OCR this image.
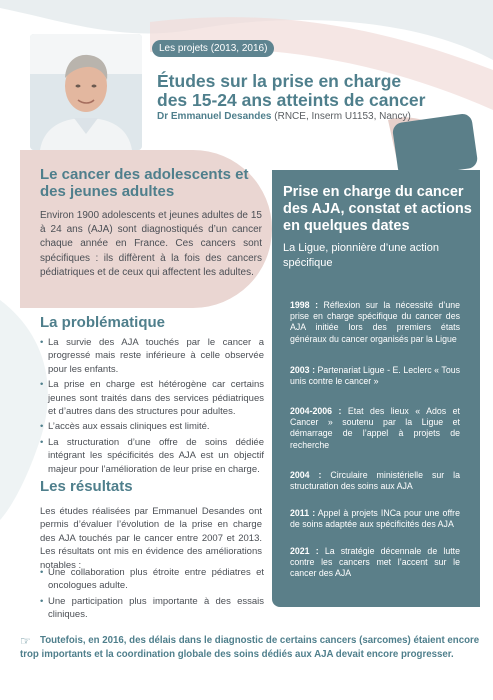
Les projets (2013, 2016)
Études sur la prise en charge
des 15-24 ans atteints de cancer
Dr Emmanuel Desandes (RNCE, Inserm U1153, Nancy)
Le cancer des adolescents et des jeunes adultes

Environ 1900 adolescents et jeunes adultes de 15 à 24 ans (AJA) sont diagnostiqués d’un cancer chaque année en France. Ces cancers sont spécifiques : ils diffèrent à la fois des cancers pédiatriques et de ceux qui affectent les adultes.

La problématique
• La survie des AJA touchés par le cancer a progressé mais reste inférieure à celle observée pour les enfants.
• La prise en charge est hétérogène car certains jeunes sont traités dans des services pédiatriques et d’autres dans des structures pour adultes.
• L’accès aux essais cliniques est limité.
• La structuration d’une offre de soins dédiée intégrant les spécificités des AJA est un objectif majeur pour l’amélioration de leur prise en charge.
Les résultats

Les études réalisées par Emmanuel Desandes ont permis d’évaluer l’évolution de la prise en charge des AJA touchés par le cancer entre 2007 et 2013. Les résultats ont mis en évidence des améliorations notables :

• Une collaboration plus étroite entre pédiatres et oncologues adulte.
• Une participation plus importante à des essais cliniques.
Prise en charge du cancer des AJA, constat et actions en quelques dates

La Ligue, pionnière d’une action spécifique

1998 : Réflexion sur la nécessité d’une prise en charge spécifique du cancer des AJA initiée lors des premiers états généraux du cancer organisés par la Ligue

2003 : Partenariat Ligue - E. Leclerc « Tous unis contre le cancer »

2004-2006 : Etat des lieux « Ados et Cancer » soutenu par la Ligue et démarrage de l’appel à projets de recherche

2004 : Circulaire ministérielle sur la structuration des soins aux AJA

2011 : Appel à projets INCa pour une offre de soins adaptée aux spécificités des AJA

2021 : La stratégie décennale de lutte contre les cancers met l’accent sur le cancer des AJA

☞ Toutefois, en 2016, des délais dans le diagnostic de certains cancers (sarcomes) étaient encore trop importants et la coordination globale des soins dédiés aux AJA devait encore progresser.
